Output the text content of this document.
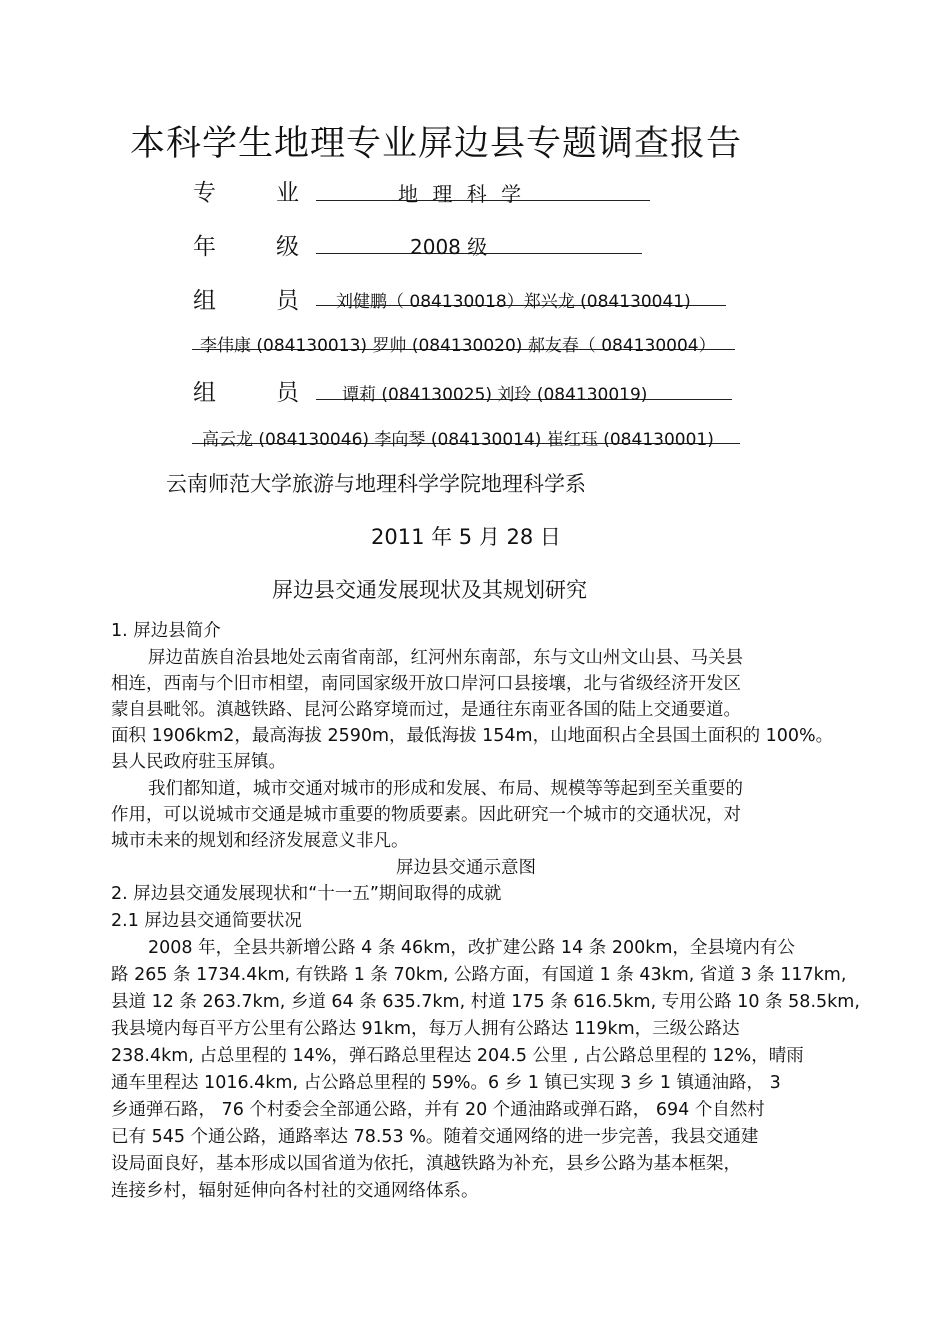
本科学生地理专业屏边县专题调查报告
专	业	地 理 科 学
年	级	2008 级
组	员 刘健鹏（ 084130018）郑兴龙 (084130041)
李伟康 (084130013) 罗帅 (084130020) 郝友春（ 084130004）
组	员	谭莉 (084130025) 刘玲 (084130019)
高云龙 (084130046) 李向琴 (084130014) 崔红珏 (084130001)
云南师范大学旅游与地理科学学院地理科学系
2011 年 5 月 28 日
屏边县交通发展现状及其规划研究
1. 屏边县简介
屏边苗族自治县地处云南省南部，红河州东南部，东与文山州文山县、马关县
相连，西南与个旧市相望，南同国家级开放口岸河口县接壤，北与省级经济开发区
蒙自县毗邻。滇越铁路、昆河公路穿境而过，是通往东南亚各国的陆上交通要道。
面积 1906km2，最高海拔 2590m，最低海拔 154m，山地面积占全县国土面积的 100%。
县人民政府驻玉屏镇。
我们都知道，城市交通对城市的形成和发展、布局、规模等等起到至关重要的
作用，可以说城市交通是城市重要的物质要素。因此研究一个城市的交通状况，对
城市未来的规划和经济发展意义非凡。
屏边县交通示意图
2. 屏边县交通发展现状和“十一五”期间取得的成就
2.1 屏边县交通简要状况
2008 年，全县共新增公路 4 条 46km，改扩建公路 14 条 200km，全县境内有公
路 265 条 1734.4km, 有铁路 1 条 70km, 公路方面，有国道 1 条 43km, 省道 3 条 117km,
县道 12 条 263.7km, 乡道 64 条 635.7km, 村道 175 条 616.5km, 专用公路 10 条 58.5km,
我县境内每百平方公里有公路达 91km，每万人拥有公路达 119km，三级公路达
238.4km, 占总里程的 14%，弹石路总里程达 204.5 公里 , 占公路总里程的 12%，晴雨
通车里程达 1016.4km, 占公路总里程的 59%。6 乡 1 镇已实现 3 乡 1 镇通油路， 3
乡通弹石路， 76 个村委会全部通公路，并有 20 个通油路或弹石路， 694 个自然村
已有 545 个通公路，通路率达 78.53 %。随着交通网络的进一步完善，我县交通建
设局面良好，基本形成以国省道为依托，滇越铁路为补充，县乡公路为基本框架，
连接乡村，辐射延伸向各村社的交通网络体系。
